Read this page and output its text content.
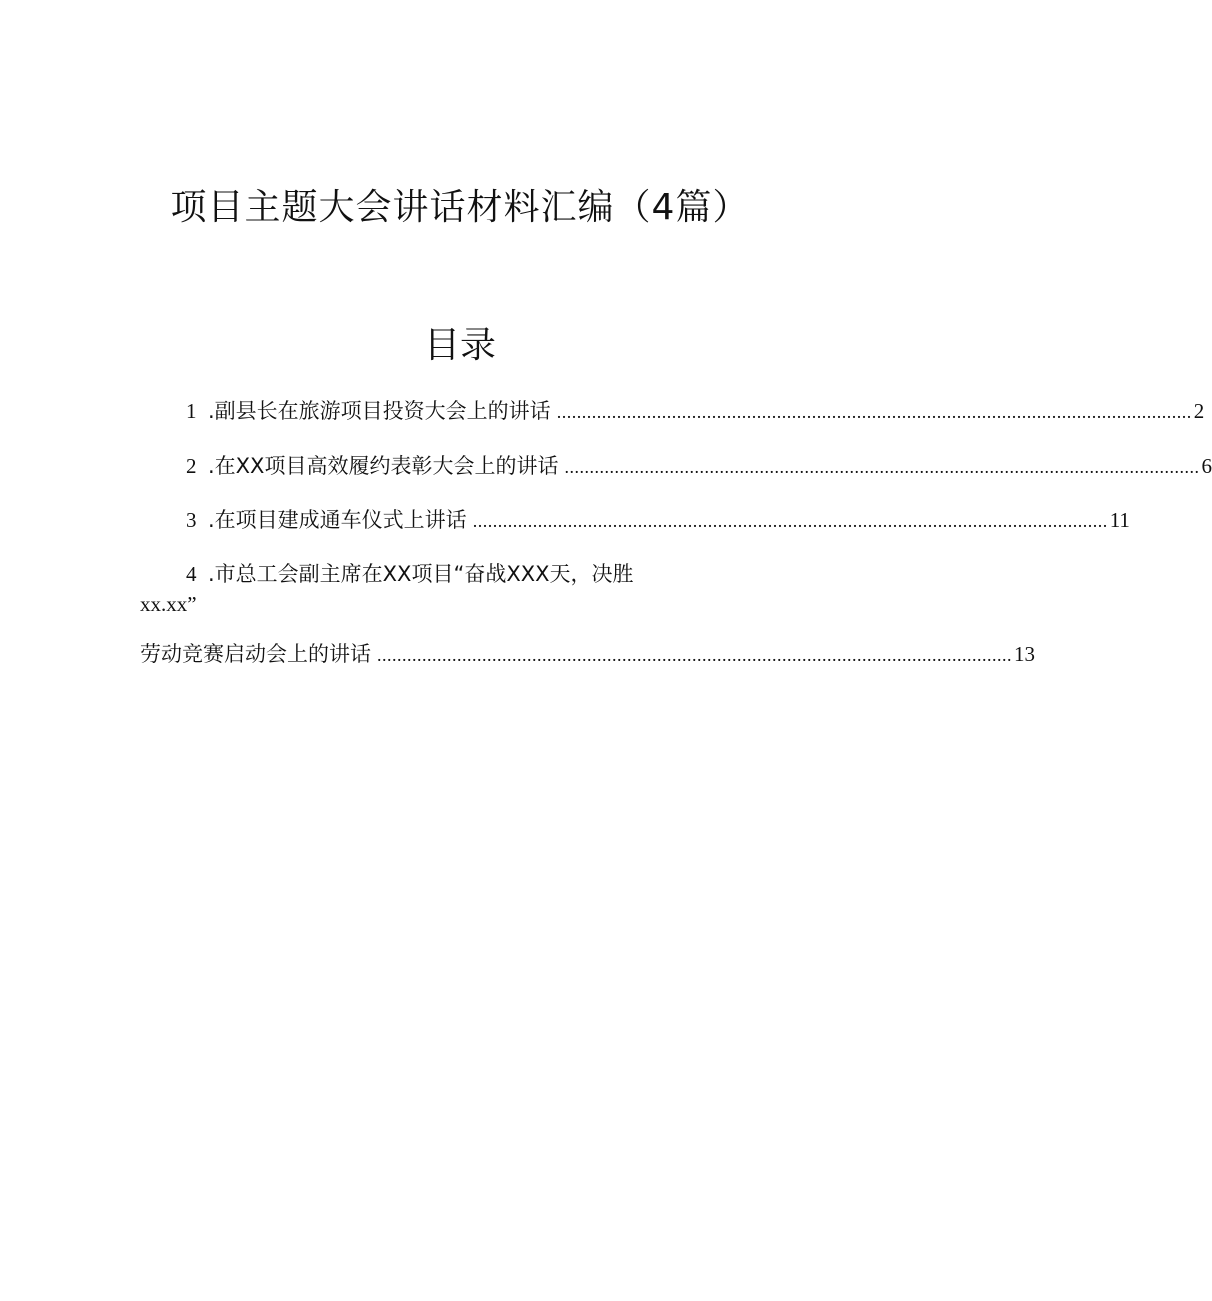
项目主题大会讲话材料汇编（4篇）
目录
1 .副县长在旅游项目投资大会上的讲话 ............................................................................................................................... 2
2 .在XX项目高效履约表彰大会上的讲话 ............................................................................................................................... 6
3 .在项目建成通车仪式上讲话 ............................................................................................................................... 11
4 .市总工会副主席在XX项目“奋战XXX天，决胜
xx.xx”
劳动竞赛启动会上的讲话 ............................................................................................................................... 13
